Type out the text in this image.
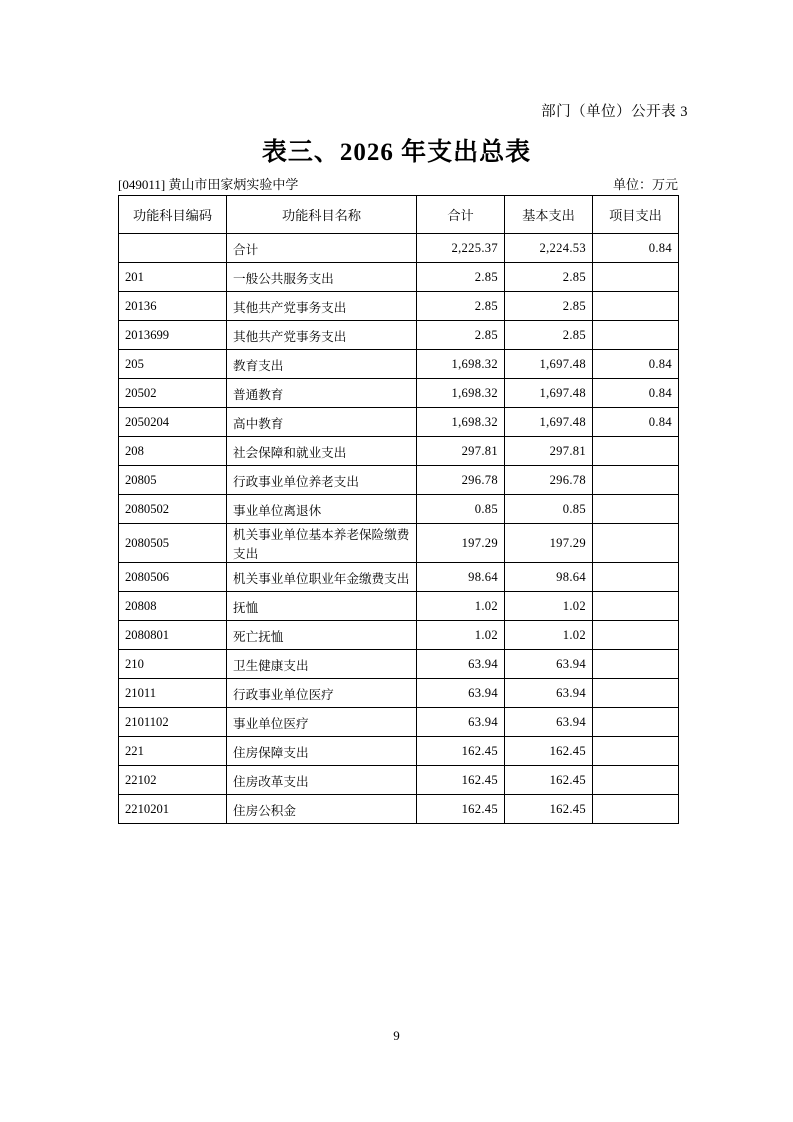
部门（单位）公开表 3
表三、2026 年支出总表
[049011] 黄山市田家炳实验中学	单位：万元
功能科目编码	功能科目名称	合计	基本支出	项目支出
	合计	2,225.37	2,224.53	0.84
201	一般公共服务支出	2.85	2.85	
20136	其他共产党事务支出	2.85	2.85	
2013699	其他共产党事务支出	2.85	2.85	
205	教育支出	1,698.32	1,697.48	0.84
20502	普通教育	1,698.32	1,697.48	0.84
2050204	高中教育	1,698.32	1,697.48	0.84
208	社会保障和就业支出	297.81	297.81	
20805	行政事业单位养老支出	296.78	296.78	
2080502	事业单位离退休	0.85	0.85	
2080505	机关事业单位基本养老保险缴费支出	197.29	197.29	
2080506	机关事业单位职业年金缴费支出	98.64	98.64	
20808	抚恤	1.02	1.02	
2080801	死亡抚恤	1.02	1.02	
210	卫生健康支出	63.94	63.94	
21011	行政事业单位医疗	63.94	63.94	
2101102	事业单位医疗	63.94	63.94	
221	住房保障支出	162.45	162.45	
22102	住房改革支出	162.45	162.45	
2210201	住房公积金	162.45	162.45	
9
